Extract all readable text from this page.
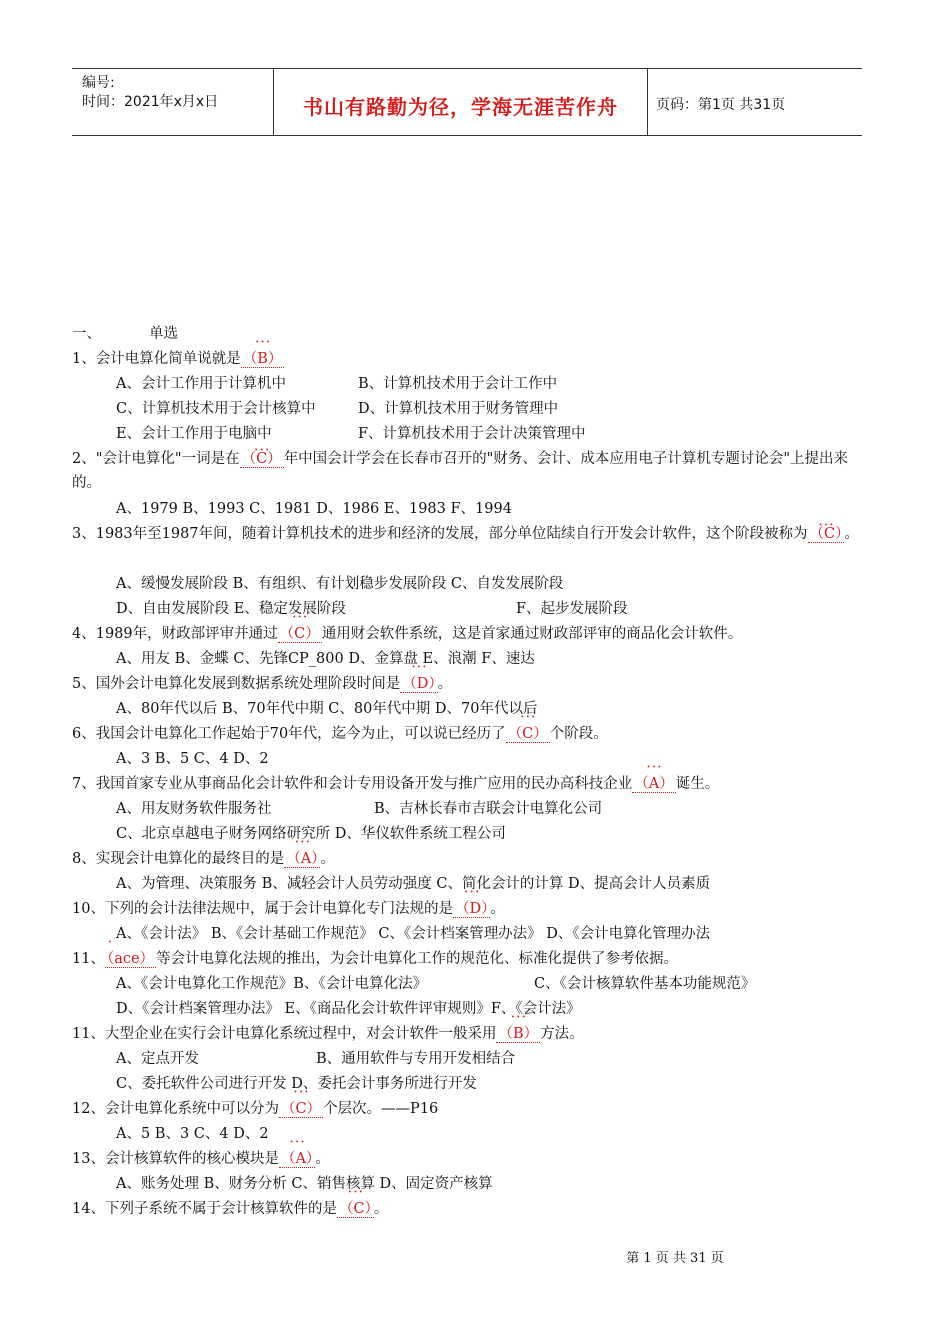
编号:
时间：2021年x月x日	书山有路勤为径，学海无涯苦作舟	页码：第1页 共31页
一、	单选
1、会计电算化简单说就是 • • • （B）
A、会计工作用于计算机中	B、计算机技术用于会计工作中
C、计算机技术用于会计核算中	D、计算机技术用于财务管理中
E、会计工作用于电脑中	F、计算机技术用于会计决策管理中
2、"会计电算化"一词是在 • • • （C） 年中国会计学会在长春市召开的"财务、会计、成本应用电子计算机专题讨论会"上提出来的。
A、1979 B、1993 C、1981 D、1986 E、1983 F、1994
3、1983年至1987年间，随着计算机技术的进步和经济的发展，部分单位陆续自行开发会计软件，这个阶段被称为 • • • （C） 。
A、缓慢发展阶段 B、有组织、有计划稳步发展阶段 C、自发发展阶段
D、自由发展阶段 E、稳定发展阶段	F、起步发展阶段
4、1989年，财政部评审并通过 • • • （C） 通用财会软件系统，这是首家通过财政部评审的商品化会计软件。
A、用友 B、金蝶 C、先锋CP_800 D、金算盘 E、浪潮 F、速达
5、国外会计电算化发展到数据系统处理阶段时间是 • • • （D） 。
A、80年代以后 B、70年代中期 C、80年代中期 D、70年代以后
6、我国会计电算化工作起始于70年代，迄今为止，可以说已经历了 • • • （C） 个阶段。
A、3 B、5 C、4 D、2
7、我国首家专业从事商品化会计软件和会计专用设备开发与推广应用的民办高科技企业 • • • （A） 诞生。
A、用友财务软件服务社	B、吉林长春市吉联会计电算化公司
C、北京卓越电子财务网络研究所 D、华仪软件系统工程公司
8、实现会计电算化的最终目的是 • • • （A） 。
A、为管理、决策服务 B、减轻会计人员劳动强度 C、简化会计的计算 D、提高会计人员素质
10、下列的会计法律法规中，属于会计电算化专门法规的是 • • • （D） 。
A、《会计法》 B、《会计基础工作规范》 C、《会计档案管理办法》 D、《会计电算化管理办法
11、 • （ace） 等会计电算化法规的推出，为会计电算化工作的规范化、标准化提供了参考依据。
A、《会计电算化工作规范》B、《会计电算化法》	C、《会计核算软件基本功能规范》
D、《会计档案管理办法》 E、《商品化会计软件评审规则》F、《会计法》
11、大型企业在实行会计电算化系统过程中，对会计软件一般采用 • • • （B） 方法。
A、定点开发	B、通用软件与专用开发相结合
C、委托软件公司进行开发 D、委托会计事务所进行开发
12、会计电算化系统中可以分为 • • • （C） 个层次。——P16
A、5 B、3 C、4 D、2
13、会计核算软件的核心模块是 • • • （A） 。
A、账务处理 B、财务分析 C、销售核算 D、固定资产核算
14、下列子系统不属于会计核算软件的是 • • • （C） 。
第 1 页 共 31 页
